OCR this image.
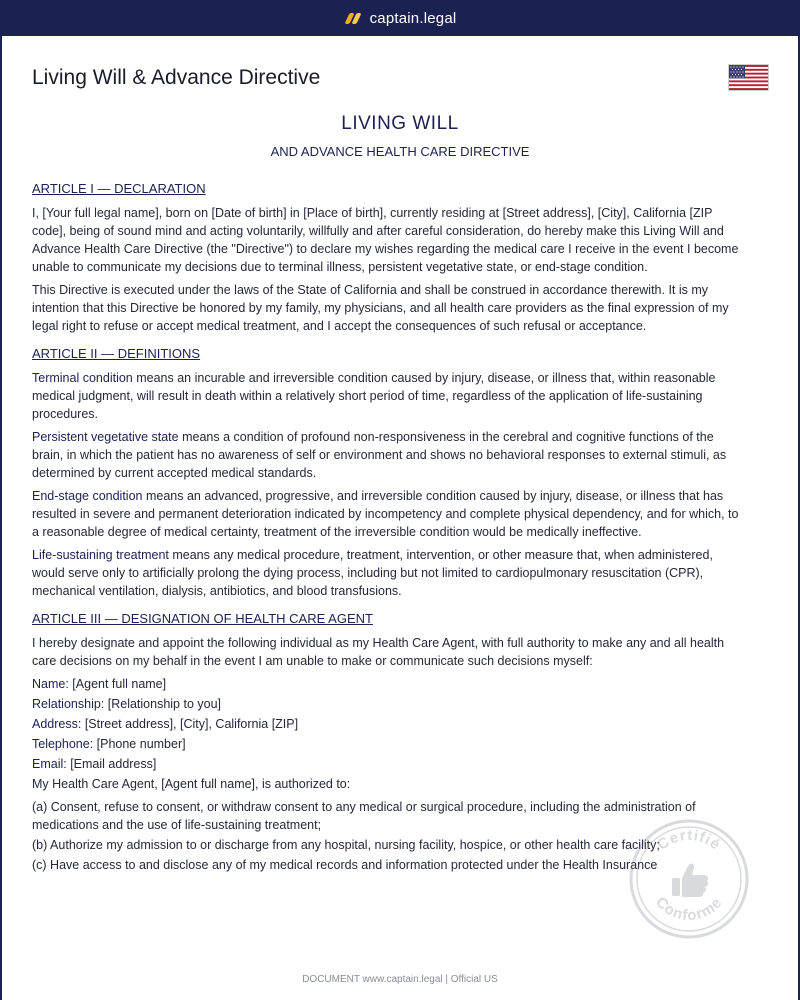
captain.legal
Living Will & Advance Directive
LIVING WILL
AND ADVANCE HEALTH CARE DIRECTIVE
ARTICLE I — DECLARATION

I, [Your full legal name], born on [Date of birth] in [Place of birth], currently residing at [Street address], [City], California [ZIP code], being of sound mind and acting voluntarily, willfully and after careful consideration, do hereby make this Living Will and Advance Health Care Directive (the "Directive") to declare my wishes regarding the medical care I receive in the event I become unable to communicate my decisions due to terminal illness, persistent vegetative state, or end-stage condition.

This Directive is executed under the laws of the State of California and shall be construed in accordance therewith. It is my intention that this Directive be honored by my family, my physicians, and all health care providers as the final expression of my legal right to refuse or accept medical treatment, and I accept the consequences of such refusal or acceptance.

ARTICLE II — DEFINITIONS

Terminal condition means an incurable and irreversible condition caused by injury, disease, or illness that, within reasonable medical judgment, will result in death within a relatively short period of time, regardless of the application of life-sustaining procedures.

Persistent vegetative state means a condition of profound non-responsiveness in the cerebral and cognitive functions of the brain, in which the patient has no awareness of self or environment and shows no behavioral responses to external stimuli, as determined by current accepted medical standards.

End-stage condition means an advanced, progressive, and irreversible condition caused by injury, disease, or illness that has resulted in severe and permanent deterioration indicated by incompetency and complete physical dependency, and for which, to a reasonable degree of medical certainty, treatment of the irreversible condition would be medically ineffective.

Life-sustaining treatment means any medical procedure, treatment, intervention, or other measure that, when administered, would serve only to artificially prolong the dying process, including but not limited to cardiopulmonary resuscitation (CPR), mechanical ventilation, dialysis, antibiotics, and blood transfusions.

ARTICLE III — DESIGNATION OF HEALTH CARE AGENT

I hereby designate and appoint the following individual as my Health Care Agent, with full authority to make any and all health care decisions on my behalf in the event I am unable to make or communicate such decisions myself:

Name: [Agent full name]

Relationship: [Relationship to you]

Address: [Street address], [City], California [ZIP]

Telephone: [Phone number]

Email: [Email address]

My Health Care Agent, [Agent full name], is authorized to:

(a) Consent, refuse to consent, or withdraw consent to any medical or surgical procedure, including the administration of medications and the use of life-sustaining treatment;

(b) Authorize my admission to or discharge from any hospital, nursing facility, hospice, or other health care facility;

(c) Have access to and disclose any of my medical records and information protected under the Health Insurance

Certifié
Conforme
DOCUMENT www.captain.legal | Official US
